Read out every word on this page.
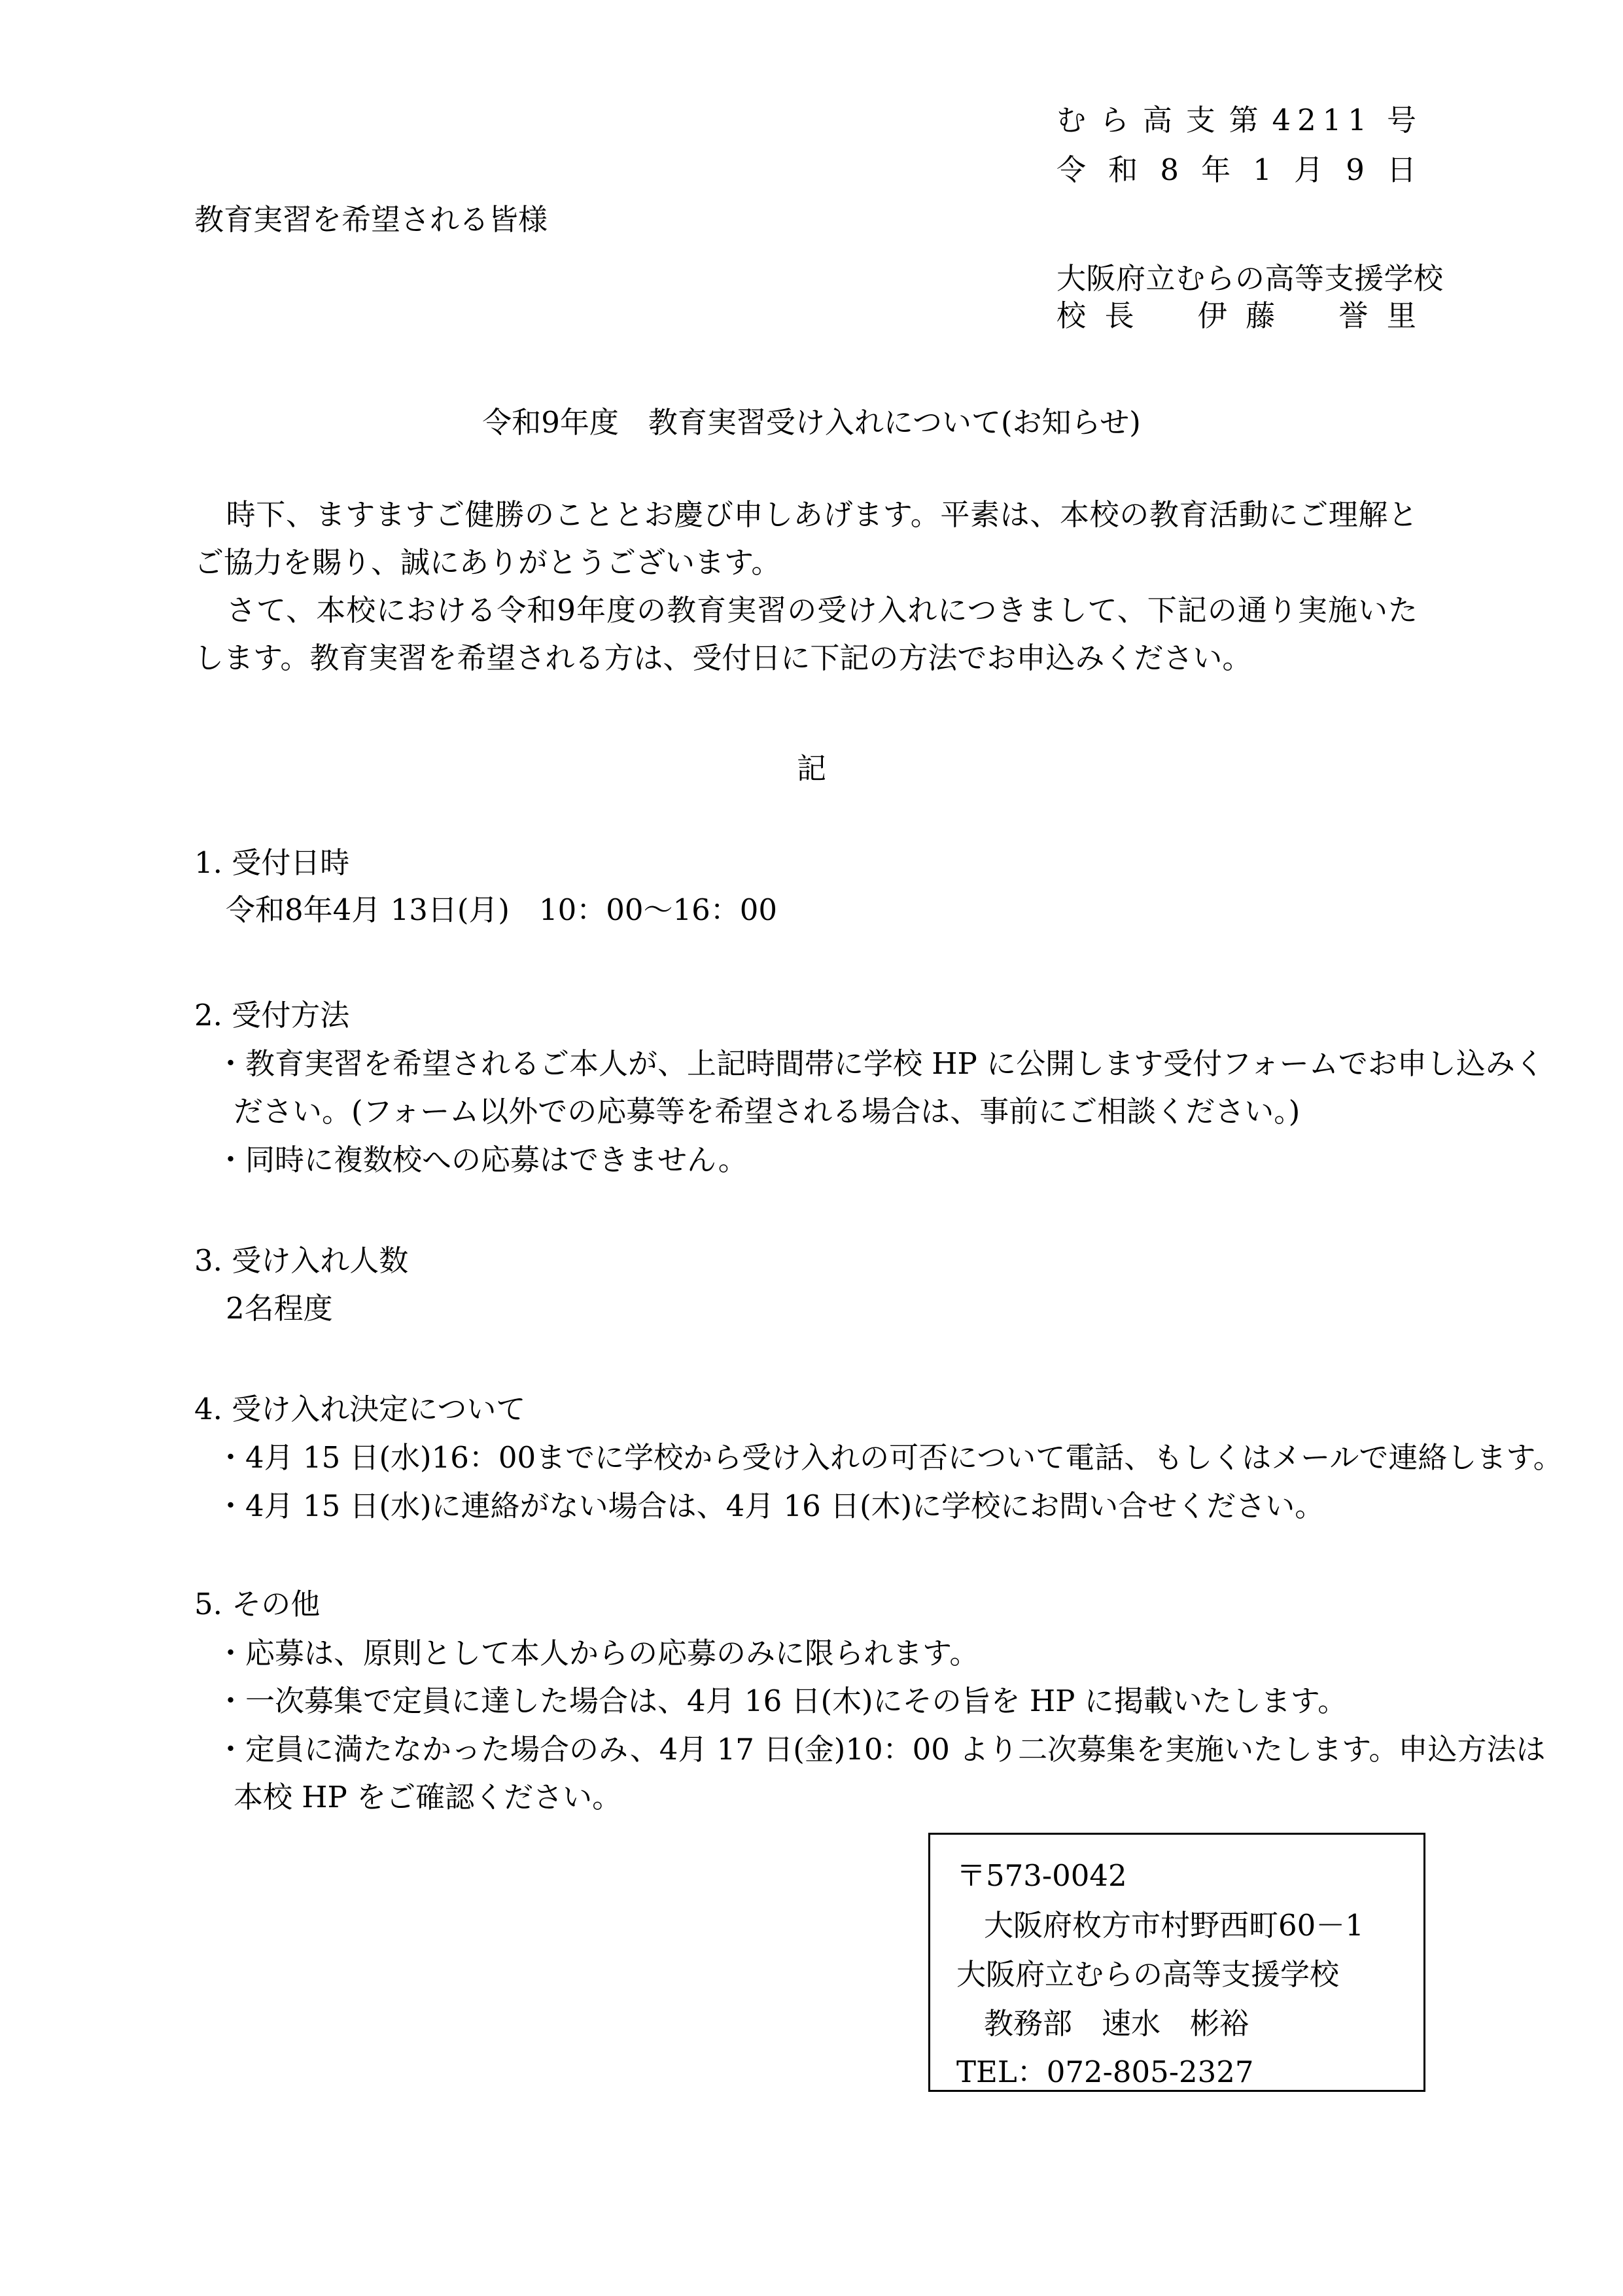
む ら 高 支 第 4211 号
令 和 8 年 1 月 9 日
教育実習を希望される皆様
大阪府立むらの高等支援学校
校 長 伊 藤 誉 里
令和9年度　教育実習受け入れについて(お知らせ)
時下、ますますご健勝のこととお慶び申しあげます。平素は、本校の教育活動にご理解とご協力を賜り、誠にありがとうございます。
さて、本校における令和9年度の教育実習の受け入れにつきまして、下記の通り実施いたします。教育実習を希望される方は、受付日に下記の方法でお申込みください。
記
1. 受付日時
令和8年4月 13日(月)　10：00～16：00
2. 受付方法
・教育実習を希望されるご本人が、上記時間帯に学校 HP に公開します受付フォームでお申し込みく
ださい。(フォーム以外での応募等を希望される場合は、事前にご相談ください。)
・同時に複数校への応募はできません。
3. 受け入れ人数
2名程度
4. 受け入れ決定について
・4月 15 日(水)16：00までに学校から受け入れの可否について電話、もしくはメールで連絡します。
・4月 15 日(水)に連絡がない場合は、4月 16 日(木)に学校にお問い合せください。
5. その他
・応募は、原則として本人からの応募のみに限られます。
・一次募集で定員に達した場合は、4月 16 日(木)にその旨を HP に掲載いたします。
・定員に満たなかった場合のみ、4月 17 日(金)10：00 より二次募集を実施いたします。申込方法は
本校 HP をご確認ください。
〒573-0042
大阪府枚方市村野西町60－1
大阪府立むらの高等支援学校
教務部　速水　彬裕
TEL：072-805-2327
